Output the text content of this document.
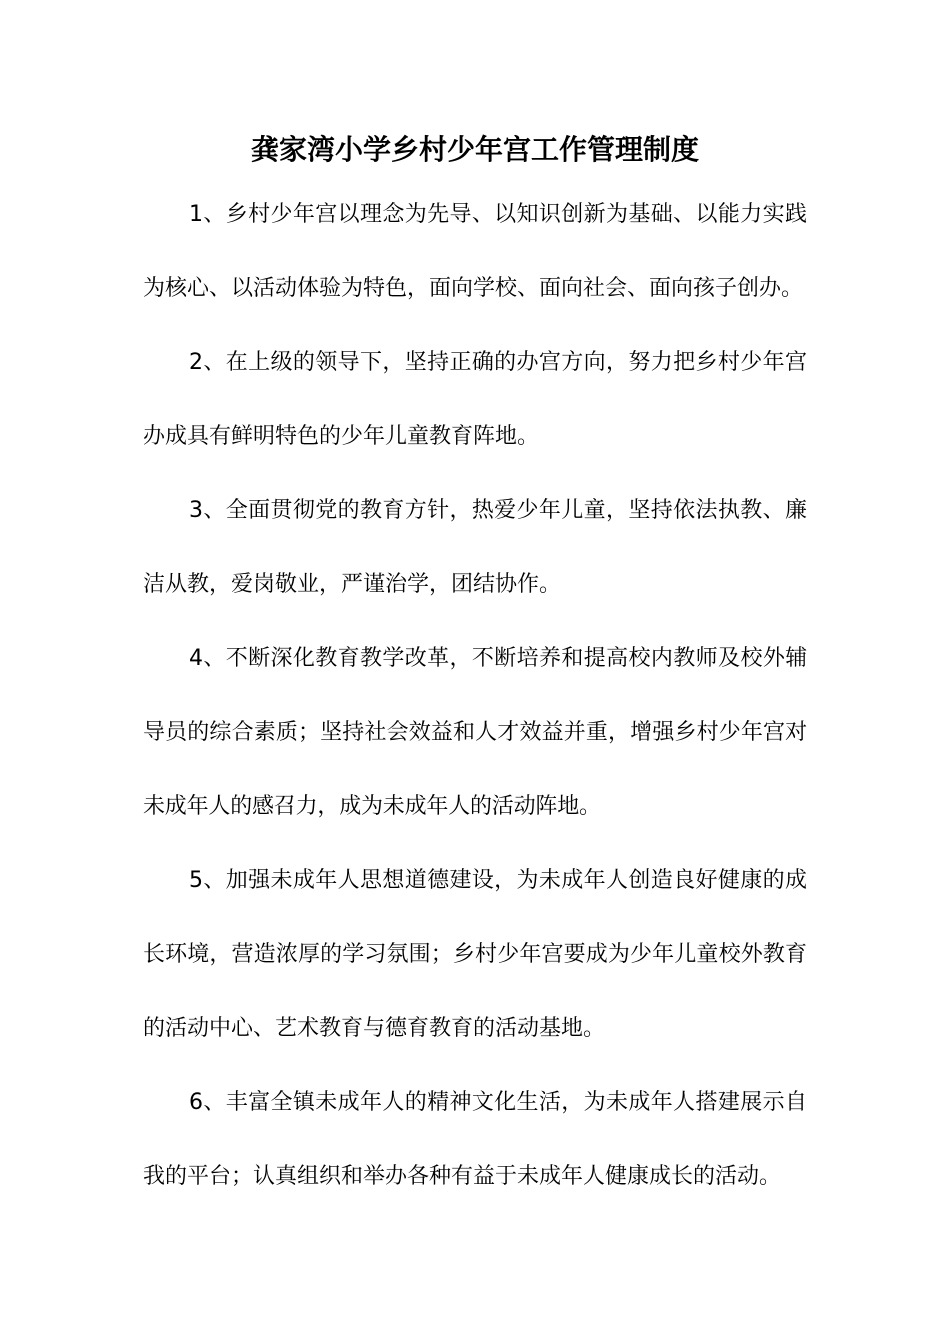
龚家湾小学乡村少年宫工作管理制度

1、乡村少年宫以理念为先导、以知识创新为基础、以能力实践为核心、以活动体验为特色，面向学校、面向社会、面向孩子创办。

2、在上级的领导下，坚持正确的办宫方向，努力把乡村少年宫办成具有鲜明特色的少年儿童教育阵地。

3、全面贯彻党的教育方针，热爱少年儿童，坚持依法执教、廉洁从教，爱岗敬业，严谨治学，团结协作。

4、不断深化教育教学改革，不断培养和提高校内教师及校外辅导员的综合素质；坚持社会效益和人才效益并重，增强乡村少年宫对未成年人的感召力，成为未成年人的活动阵地。

5、加强未成年人思想道德建设，为未成年人创造良好健康的成长环境，营造浓厚的学习氛围；乡村少年宫要成为少年儿童校外教育的活动中心、艺术教育与德育教育的活动基地。

6、丰富全镇未成年人的精神文化生活，为未成年人搭建展示自我的平台；认真组织和举办各种有益于未成年人健康成长的活动。
